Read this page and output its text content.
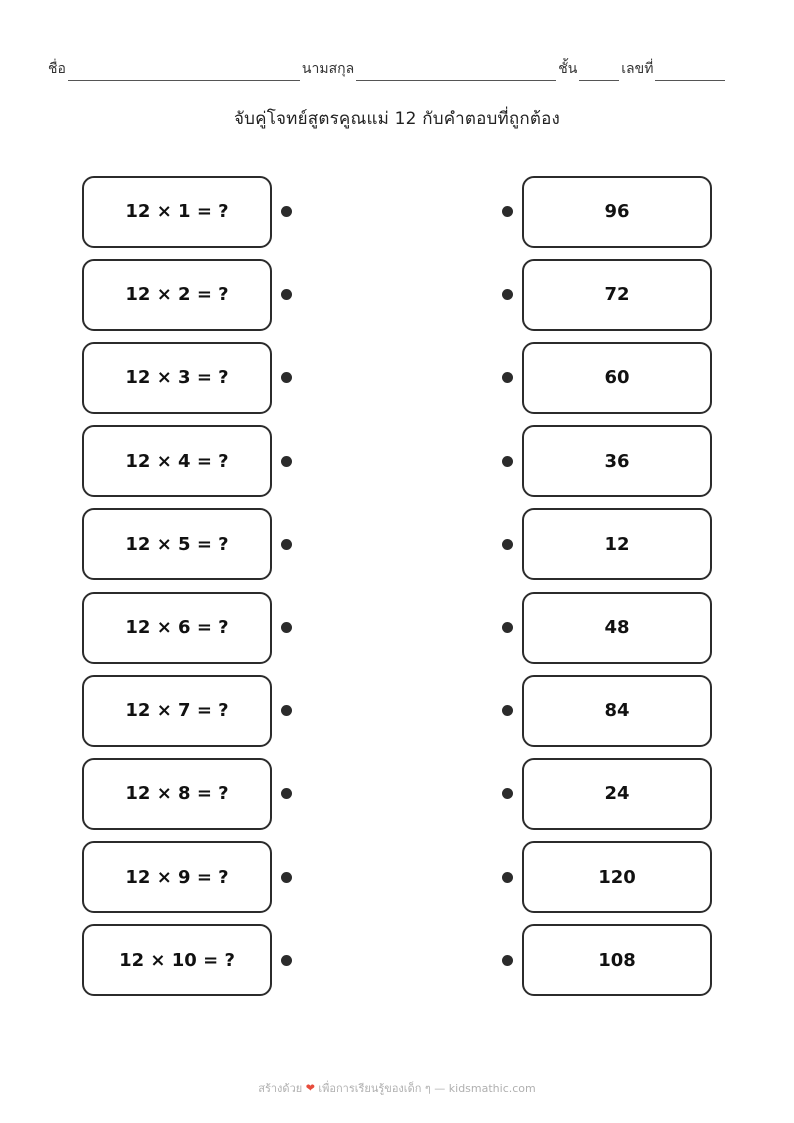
ชื่อ	นามสกุล	ชั้น	เลขที่
จับคู่โจทย์สูตรคูณแม่ 12 กับคำตอบที่ถูกต้อง
12 × 1 = ?	96
12 × 2 = ?	72
12 × 3 = ?	60
12 × 4 = ?	36
12 × 5 = ?	12
12 × 6 = ?	48
12 × 7 = ?	84
12 × 8 = ?	24
12 × 9 = ?	120
12 × 10 = ?	108
สร้างด้วย ❤ เพื่อการเรียนรู้ของเด็ก ๆ — kidsmathic.com
